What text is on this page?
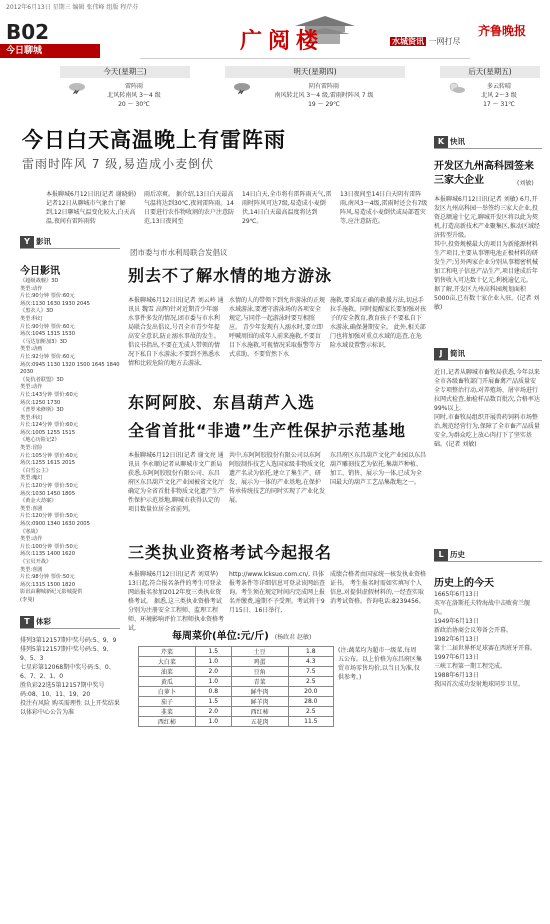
2012年6月13日 星期三 编辑 张伟峰 组版 程芹芬
B02
今日聊城	广阅楼	水城资讯 一网打尽
齐鲁晚报
今天(星期三)
雷阵雨
北风转南风 3～4 级
20 ～ 30℃
明天(星期四)
阴有雷阵雨
南风转北风 3～4 级,雷雨时阵风 7 级
19 ～ 29℃
后天(星期五)
多云转晴
北风 2～3 级
17 ～ 31℃
(刘敏)
今日白天高温晚上有雷阵雨
雷雨时阵风 7 级,易造成小麦倒伏
本报聊城6月12日讯(记者 谢晓娟) 记者12日从聊城市气象台了解到,12日聊城气温变化较大,白天高温,夜间有雷阵雨转
雨后凉爽。 据介绍,13日白天最高气温将达到30℃,夜间雷阵雨。14日要进行农作物收割的农户注意防范,13日夜间至
14日白天,全市将有雷阵雨天气,雷雨时阵风可达7级,易造成小麦倒伏,14日白天最高温度将达到29℃。
13日夜间至14日白天阴有雷阵雨,南风3～4级,雷雨时还会有7级阵风,易造成小麦倒伏或局部雹灾等,应注意防范。
Y 影讯
今日影讯
《超级战舰》3D
类型:动作
片长:90分钟 票价:60元
场次:1130 1630 1930 2045
《黑衣人》3D
类型:科幻
片长:90分钟 票价:60元
场次:1045 1315 1530
《马达加斯加3》3D
类型:动画
片长:92分钟 票价:60元
场次:0945 1130 1320 1500 1645 1840 2030
《复仇者联盟》3D
类型:动作
片长:143分钟 票价:60元
场次:1250 1730
《普罗米修斯》3D
类型:科幻
片长:124分钟 票价:60元
场次:1005 1255 1515
《地心历险记2》
类型:冒险
片长:105分钟 票价:60元
场次:1255 1615 2015
《白雪公主》
类型:魔幻
片长:120分钟 票价:50元
场次:1030 1450 1805
《黄金大劫案》
类型:喜剧
片长:120分钟 票价:50元
场次:0900 1340 1630 2005
《寒战》
类型:动作
片长:100分钟 票价:50元
场次:1135 1400 1620
《宝贝开战》
类型:喜剧
片长:98分钟 票价:50元
场次:1315 1500 1820
影讯由聊城新纪元影城提供
(李曼)
T 体彩
排列3第12157期中奖号码:5、9、9
排列5第12157期中奖号码:5、9、9、5、3
七星彩第12068期中奖号码:5、0、6、7、2、1、0
胜负彩22选5第12157期中奖号码:08、10、11、19、20
投注有风险 购买需理性 以上开奖结果以体彩中心公告为准
团市委与市水利局联合发倡议
别去不了解水情的地方游泳
本报聊城6月12日讯(记者 刘云岭 通讯员 魏雪 高辉)针对近期青少年溺水事件多发的情况,团市委与市水利局联合发出倡议,号召全市青少年提高安全意识,防止溺水事故的发生。 倡议书指出,不要在无成人带领的情况下私自下水游泳;不要到不熟悉水情和比较危险的地方去游泳,
水情的人的带领下到允许游泳的正规水域游泳,要遵守游泳场的各项安全规定,与同伴一起游泳时要互相照应。 青少年发现有人溺水时,要立即呼喊周围的成年人前来施救,不要盲目下水施救,可视情况采取报警等方式求助。不要贸然下水
施救,要采取正确的救援方法,切忌手拉手施救。同时提醒家长要加强对孩子的安全教育,教育孩子不要私自下水游泳,确保暑期安全。 此外,相关部门也将加强对重点水域的巡查,在危险水域设置警示标识,
东阿阿胶、东昌葫芦入选
全省首批“非遗”生产性保护示范基地
本报聊城6月12日讯(记者 谢文亮 通讯员 李永顺)记者从聊城市文广新局获悉,东阿阿胶股份有限公司、东昌府区东昌葫芦文化产业园被省文化厅确定为全省首批非物质文化遗产生产性保护示范基地,聊城市获得认定的项目数量位居全省前列。
共中,东阿阿胶股份有限公司以东阿阿胶制作技艺入选国家级非物质文化遗产名录为依托,建立了集生产、研发、展示为一体的产业基地,在保护传承传统技艺的同时实现了产业化发展。
东昌府区东昌葫芦文化产业园以东昌葫芦雕刻技艺为依托,集葫芦种植、加工、销售、展示为一体,已成为全国最大的葫芦工艺品集散地之一。
三类执业资格考试今起报名
本报聊城6月12日讯(记者 刘双华) 13日起,符合报名条件的考生可登录网站报名参加2012年度三类执业资格考试。 据悉,这三类执业资格考试分别为注册安全工程师、监理工程师、环境影响评价工程师执业资格考试,
http://www.lcksuo.com.cn/, 具体报考条件等详细信息可登录该网站查询。考生须在规定时间内完成网上报名并缴费,逾期不予受理。考试将于9月15日、16日举行,
成绩合格者由国家统一核发执业资格证书。 考生报名时需如实填写个人信息,对提供虚假材料的,一经查实取消考试资格。咨询电话:8239456。
每周菜价(单位:元/斤) (杨政君 赵敏)
芹菜	1.5	土豆	1.8
大白菜	1.0	鸡蛋	4.3
油菜	2.0	豆角	7.5
黄瓜	1.0	青菜	2.5
白萝卜	0.8	鲜牛肉	20.0
茄子	1.5	鲜羊肉	28.0
韭菜	2.0	西红柿	2.5
西红柿	1.0	五花肉	11.5
(注:蔬菜均为超市一级菜,每周五公布。以上价格为东昌府区集贸市场零售均价,以当日为准,仅供参考。)
K 快讯
开发区九州高科园签来三家大企业
本报聊城6月12日讯(记者 刘敏) 6月,开发区九州高科园一举签约三家大企业,投资总额逾十亿元,聊城开发区将以此为契机,打造高新技术产业聚集区,推动区域经济转型升级。
其中,投资规模最大的项目为新能源材料生产项目,主要从事锂电池正极材料的研发生产;另外两家企业分别从事精密机械加工和电子信息产品生产,项目建成后年销售收入可达数十亿元,利税逾亿元。
据了解,开发区九州高科园规划面积5000亩,已有数十家企业入驻。(记者 刘敏)
J 简讯
近日,记者从聊城市畜牧局获悉,今年以来全市各级畜牧部门开展畜禽产品质量安全专项整治行动,对养殖场、屠宰场进行拉网式检查,抽检样品数百批次,合格率达99%以上。
同时,市畜牧局组织开展兽药饲料市场整治,规范经营行为,保障了全市畜产品质量安全,为群众吃上放心肉打下了坚实基础。(记者 刘敏)
L 历史
历史上的今天
1665年6月13日
英军在洛斯托夫特海战中击败荷兰舰队。
1949年6月13日
新政治协商会议筹备会开幕。
1982年6月13日
第十二届世界杯足球赛在西班牙开幕。
1997年6月13日
三峡工程第一期工程完成。
1988年6月13日
我国首次成功发射地球同步卫星。
